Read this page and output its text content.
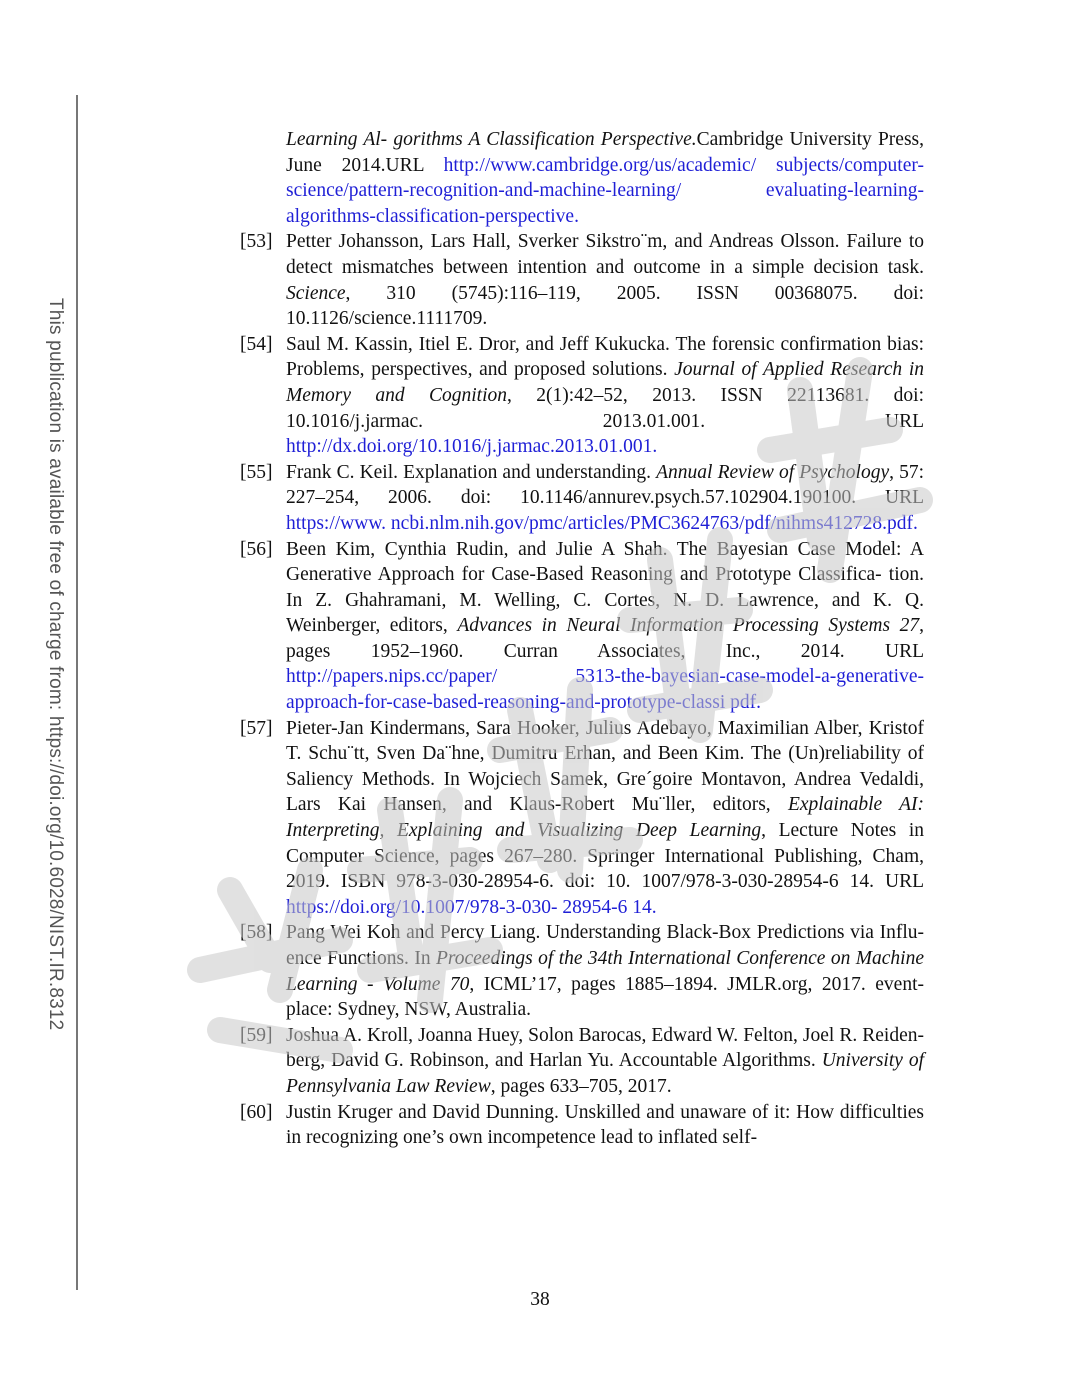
This publication is available free of charge from: https://doi.org/10.6028/NIST.IR.8312
Learning Al- gorithms A Classification Perspective.Cambridge University Press, June 2014.URL http://www.cambridge.org/us/academic/ subjects/computer-science/pattern-recognition-and-machine-learning/ evaluating-learning-algorithms-classification-perspective.
[53] Petter Johansson, Lars Hall, Sverker Sikstro¨m, and Andreas Olsson. Failure to detect mismatches between intention and outcome in a simple decision task. Science, 310 (5745):116–119, 2005. ISSN 00368075. doi: 10.1126/science.1111709.
[54] Saul M. Kassin, Itiel E. Dror, and Jeff Kukucka. The forensic confirmation bias: Problems, perspectives, and proposed solutions. Journal of Applied Research in Memory and Cognition, 2(1):42–52, 2013. ISSN 22113681. doi: 10.1016/j.jarmac. 2013.01.001. URL http://dx.doi.org/10.1016/j.jarmac.2013.01.001.
[55] Frank C. Keil. Explanation and understanding. Annual Review of Psychology, 57: 227–254, 2006. doi: 10.1146/annurev.psych.57.102904.190100. URL https://www. ncbi.nlm.nih.gov/pmc/articles/PMC3624763/pdf/nihms412728.pdf.
[56] Been Kim, Cynthia Rudin, and Julie A Shah. The Bayesian Case Model: A Generative Approach for Case-Based Reasoning and Prototype Classifica- tion. In Z. Ghahramani, M. Welling, C. Cortes, N. D. Lawrence, and K. Q. Weinberger, editors, Advances in Neural Information Processing Systems 27, pages 1952–1960. Curran Associates, Inc., 2014. URL http://papers.nips.cc/paper/ 5313-the-bayesian-case-model-a-generative-approach-for-case-based-reasoning-and-prototype-classi pdf.
[57] Pieter-Jan Kindermans, Sara Hooker, Julius Adebayo, Maximilian Alber, Kristof T. Schu¨tt, Sven Da¨hne, Dumitru Erhan, and Been Kim. The (Un)reliability of Saliency Methods. In Wojciech Samek, Gre´goire Montavon, Andrea Vedaldi, Lars Kai Hansen, and Klaus-Robert Mu¨ller, editors, Explainable AI: Interpreting, Explaining and Visualizing Deep Learning, Lecture Notes in Computer Science, pages 267–280. Springer International Publishing, Cham, 2019. ISBN 978-3-030-28954-6. doi: 10. 1007/978-3-030-28954-6 14. URL https://doi.org/10.1007/978-3-030- 28954-6 14.
[58] Pang Wei Koh and Percy Liang. Understanding Black-Box Predictions via Influ- ence Functions. In Proceedings of the 34th International Conference on Machine Learning - Volume 70, ICML’17, pages 1885–1894. JMLR.org, 2017. event-place: Sydney, NSW, Australia.
[59] Joshua A. Kroll, Joanna Huey, Solon Barocas, Edward W. Felton, Joel R. Reiden- berg, David G. Robinson, and Harlan Yu. Accountable Algorithms. University of Pennsylvania Law Review, pages 633–705, 2017.
[60] Justin Kruger and David Dunning. Unskilled and unaware of it: How difficulties in recognizing one’s own incompetence lead to inflated self-
38
